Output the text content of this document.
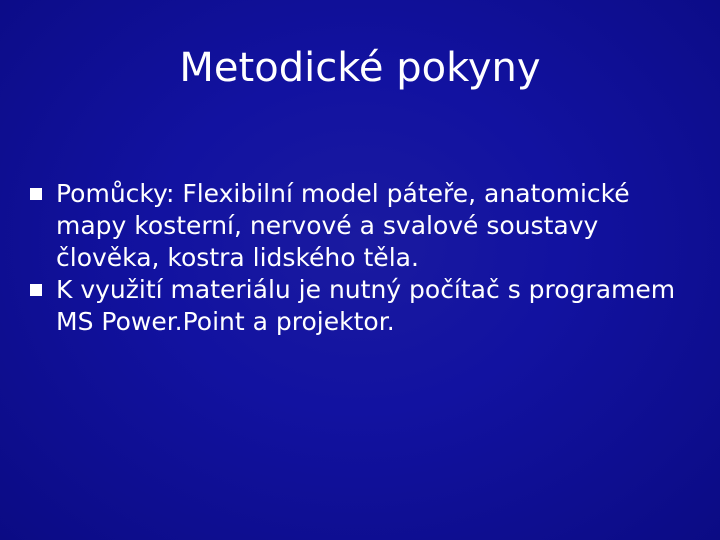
Metodické pokyny
Pomůcky: Flexibilní model páteře, anatomické mapy kosterní, nervové a svalové soustavy člověka, kostra lidského těla.
K využití materiálu je nutný počítač s programem MS Power.Point a projektor.
